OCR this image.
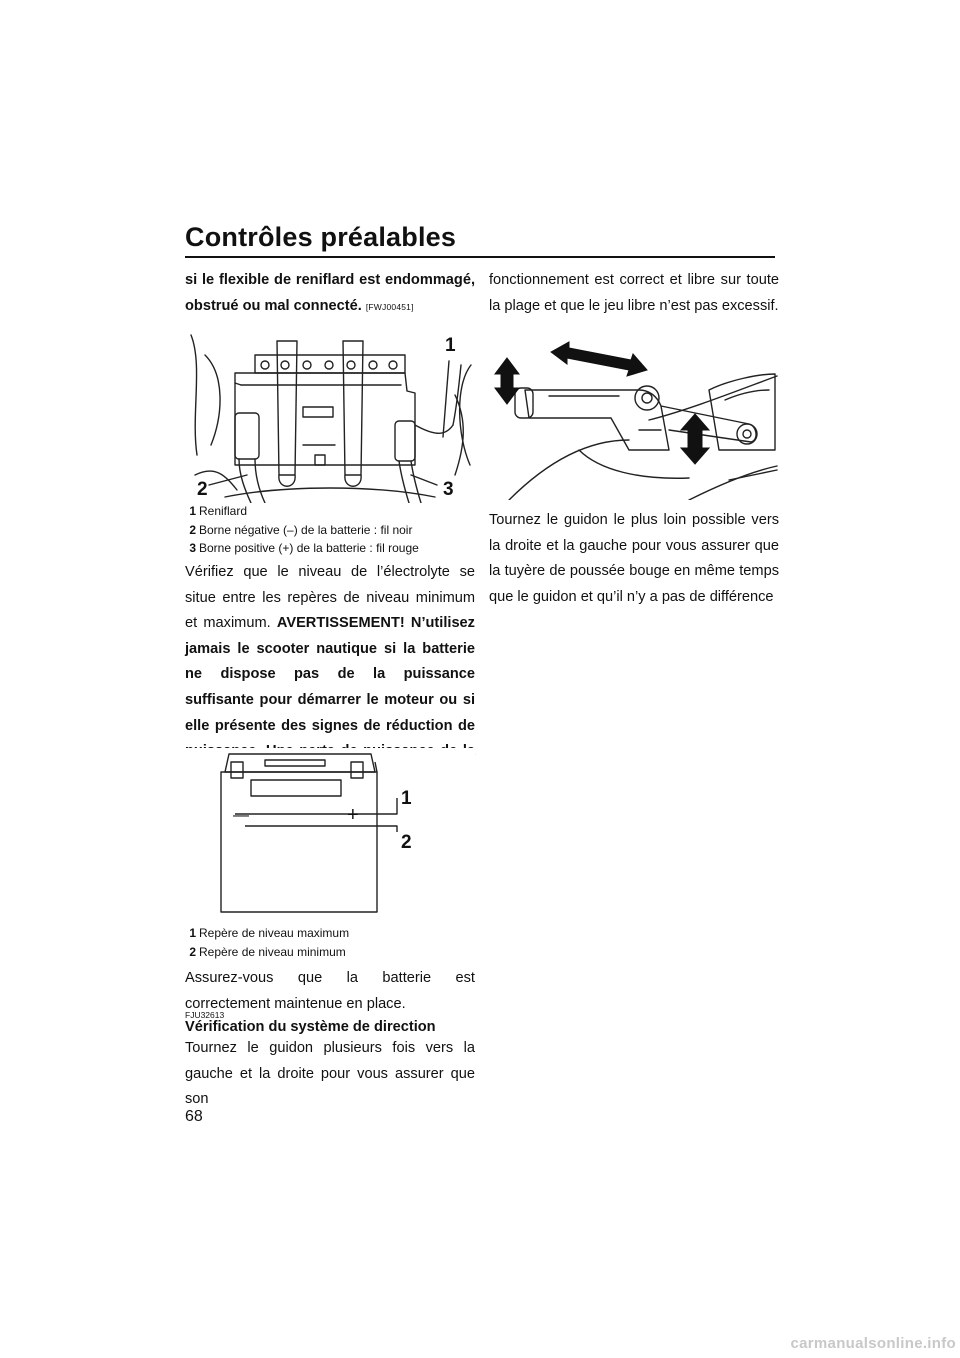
Contrôles préalables
si le flexible de reniflard est endommagé, obstrué ou mal connecté. [FWJ00451]
1
2	3
1 Reniflard
2 Borne négative (–) de la batterie : fil noir
3 Borne positive (+) de la batterie : fil rouge

Vérifiez que le niveau de l’électrolyte se situe entre les repères de niveau minimum et maximum. AVERTISSEMENT! N’utilisez jamais le scooter nautique si la batterie ne dispose pas de la puissance suffisante pour démarrer le moteur ou si elle présente des signes de réduction de puissance. Une perte de puissance de la batterie peut vous mettre en état de détresse. [FWJ01240]

—	+
1
2
1 Repère de niveau maximum
2 Repère de niveau minimum
Assurez-vous que la batterie est correctement maintenue en place.
FJU32613
Vérification du système de direction
Tournez le guidon plusieurs fois vers la gauche et la droite pour vous assurer que son
68
fonctionnement est correct et libre sur toute la plage et que le jeu libre n’est pas excessif.
Tournez le guidon le plus loin possible vers la droite et la gauche pour vous assurer que la tuyère de poussée bouge en même temps que le guidon et qu’il n’y a pas de différence
carmanualsonline.info
